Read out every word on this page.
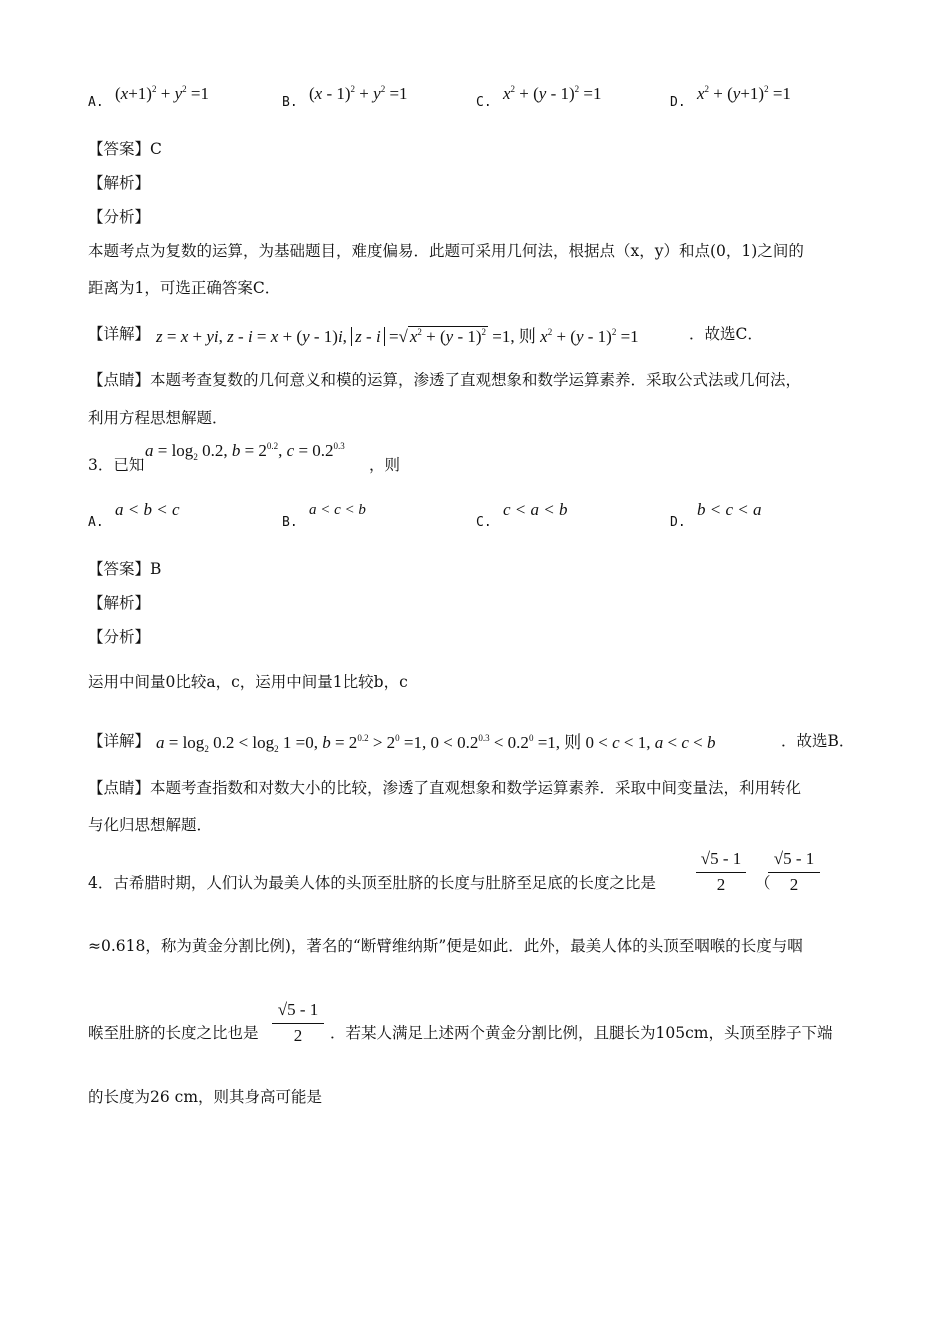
A. $(x+1)^2 + y^2 =1$	B. $(x - 1)^2 + y^2 =1$	C. $x^2 + (y - 1)^2 =1$	D. $x^2 + (y+1)^2 =1$
【答案】C
【解析】
【分析】
本题考点为复数的运算，为基础题目，难度偏易．此题可采用几何法，根据点（x，y）和点(0，1)之间的
距离为1，可选正确答案C．
【详解】 z = x + yi, z - i = x + (y - 1)i, z - i =√ $x^2 + (y - 1)^2 =1$, 则 $x^2 + (y - 1)^2 =1$	．故选C．
【点睛】本题考查复数的几何意义和模的运算，渗透了直观想象和数学运算素养．采取公式法或几何法，
利用方程思想解题．
3．已知
$a = \log_2 0.2$, $b = 2^{0.2}$, $c = 0.2^{0.3}$
，则
A.
a < b < c
B.
a < c < b
C.
c < a < b
D.
b < c < a
【答案】B
【解析】
【分析】
运用中间量0比较a，c，运用中间量1比较b，c
【详解】 $a = \log_2 0.2 < \log_2 1 =0$, $b = 2^{0.2} > 2^0 =1$, $0 < 0.2^{0.3} < 0.2^0 =1$, 则 0 < c < 1, a < c < b	．故选B．
【点睛】本题考查指数和对数大小的比较，渗透了直观想象和数学运算素养．采取中间变量法，利用转化
与化归思想解题．
4．古希腊时期，人们认为最美人体的头顶至肚脐的长度与肚脐至足底的长度之比是
√5 - 1
2	（
√5 - 1
2
≈0.618，称为黄金分割比例)，著名的“断臂维纳斯”便是如此．此外，最美人体的头顶至咽喉的长度与咽
喉至肚脐的长度之比也是
√5 - 1
2	．若某人满足上述两个黄金分割比例，且腿长为105cm，头顶至脖子下端
的长度为26 cm，则其身高可能是
